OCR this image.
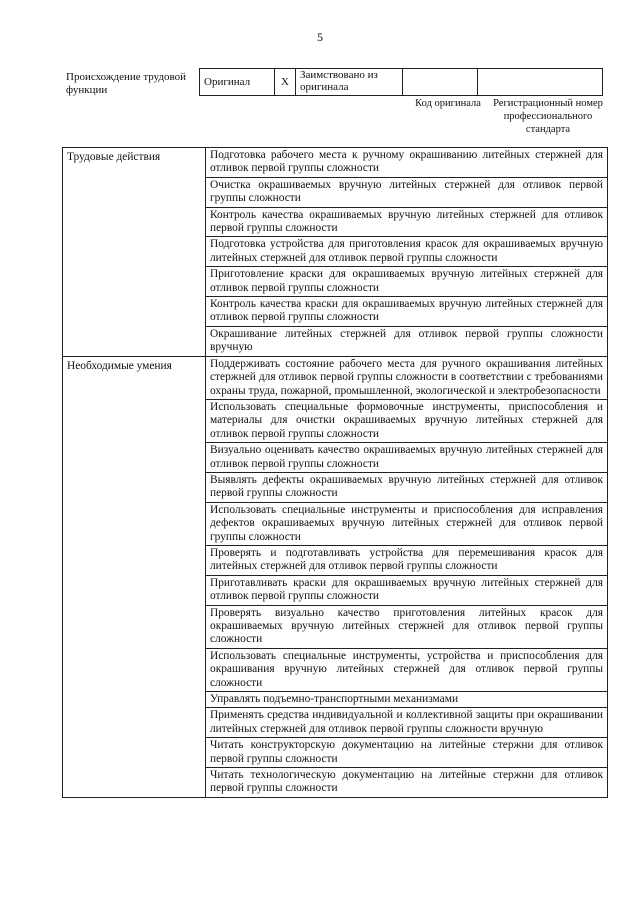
5
Происхождение трудовой функции
Оригинал	X	Заимствовано из оригинала		
Код оригинала	Регистрационный номер профессионального стандарта
Трудовые действия	Подготовка рабочего места к ручному окрашиванию литейных стержней для отливок первой группы сложности
	Очистка окрашиваемых вручную литейных стержней для отливок первой группы сложности
	Контроль качества окрашиваемых вручную литейных стержней для отливок первой группы сложности
	Подготовка устройства для приготовления красок для окрашиваемых вручную литейных стержней для отливок первой группы сложности
	Приготовление краски для окрашиваемых вручную литейных стержней для отливок первой группы сложности
	Контроль качества краски для окрашиваемых вручную литейных стержней для отливок первой группы сложности
	Окрашивание литейных стержней для отливок первой группы сложности вручную
Необходимые умения	Поддерживать состояние рабочего места для ручного окрашивания литейных стержней для отливок первой группы сложности в соответствии с требованиями охраны труда, пожарной, промышленной, экологической и электробезопасности
	Использовать специальные формовочные инструменты, приспособления и материалы для очистки окрашиваемых вручную литейных стержней для отливок первой группы сложности
	Визуально оценивать качество окрашиваемых вручную литейных стержней для отливок первой группы сложности
	Выявлять дефекты окрашиваемых вручную литейных стержней для отливок первой группы сложности
	Использовать специальные инструменты и приспособления для исправления дефектов окрашиваемых вручную литейных стержней для отливок первой группы сложности
	Проверять и подготавливать устройства для перемешивания красок для литейных стержней для отливок первой группы сложности
	Приготавливать краски для окрашиваемых вручную литейных стержней для отливок первой группы сложности
	Проверять визуально качество приготовления литейных красок для окрашиваемых вручную литейных стержней для отливок первой группы сложности
	Использовать специальные инструменты, устройства и приспособления для окрашивания вручную литейных стержней для отливок первой группы сложности
	Управлять подъемно-транспортными механизмами
	Применять средства индивидуальной и коллективной защиты при окрашивании литейных стержней для отливок первой группы сложности вручную
	Читать конструкторскую документацию на литейные стержни для отливок первой группы сложности
	Читать технологическую документацию на литейные стержни для отливок первой группы сложности
